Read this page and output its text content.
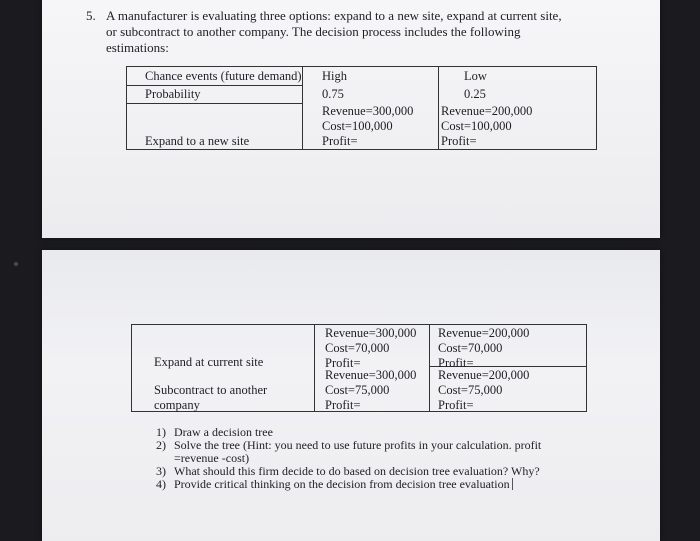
5. A manufacturer is evaluating three options: expand to a new site, expand at current site,
or subcontract to another company. The decision process includes the following
estimations:
Chance events (future demand)
Probability
Expand to a new site
High
0.75
Revenue=300,000
Cost=100,000
Profit=
Low
0.25
Revenue=200,000
Cost=100,000
Profit=
Expand at current site
Subcontract to another
company
Revenue=300,000
Cost=70,000
Profit=
Revenue=300,000
Cost=75,000
Profit=
Revenue=200,000
Cost=70,000
Profit=
Revenue=200,000
Cost=75,000
Profit=
1) Draw a decision tree
2) Solve the tree (Hint: you need to use future profits in your calculation. profit
=revenue -cost)
3) What should this firm decide to do based on decision tree evaluation? Why?
4) Provide critical thinking on the decision from decision tree evaluation
